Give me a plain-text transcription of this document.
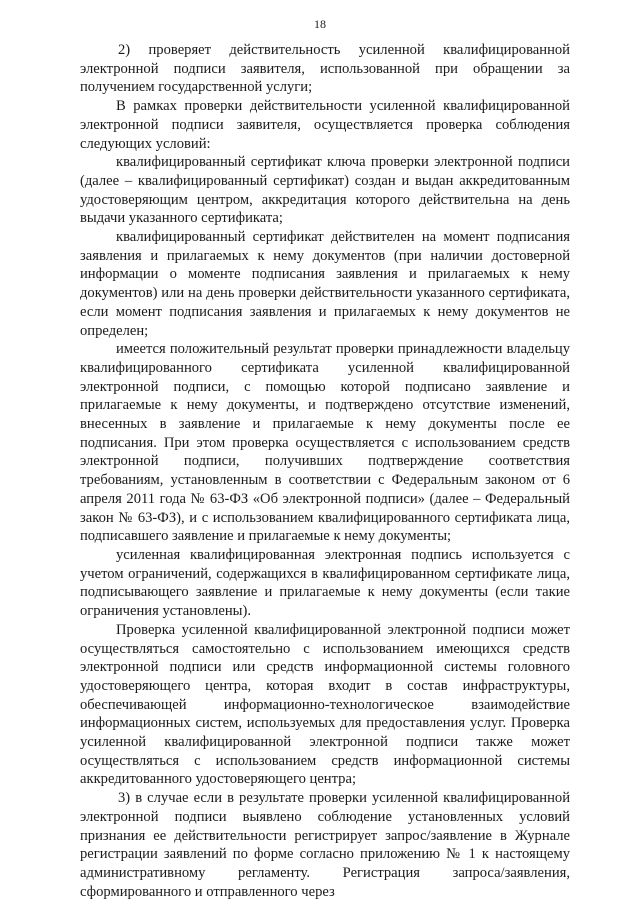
18

2) проверяет действительность усиленной квалифицированной электронной подписи заявителя, использованной при обращении за получением государственной услуги;

В рамках проверки действительности усиленной квалифицированной электронной подписи заявителя, осуществляется проверка соблюдения следующих условий:

квалифицированный сертификат ключа проверки электронной подписи (далее – квалифицированный сертификат) создан и выдан аккредитованным удостоверяющим центром, аккредитация которого действительна на день выдачи указанного сертификата;

квалифицированный сертификат действителен на момент подписания заявления и прилагаемых к нему документов (при наличии достоверной информации о моменте подписания заявления и прилагаемых к нему документов) или на день проверки действительности указанного сертификата, если момент подписания заявления и прилагаемых к нему документов не определен;

имеется положительный результат проверки принадлежности владельцу квалифицированного сертификата усиленной квалифицированной электронной подписи, с помощью которой подписано заявление и прилагаемые к нему документы, и подтверждено отсутствие изменений, внесенных в заявление и прилагаемые к нему документы после ее подписания. При этом проверка осуществляется с использованием средств электронной подписи, получивших подтверждение соответствия требованиям, установленным в соответствии с Федеральным законом от 6 апреля 2011 года № 63-ФЗ «Об электронной подписи» (далее – Федеральный закон № 63-ФЗ), и с использованием квалифицированного сертификата лица, подписавшего заявление и прилагаемые к нему документы;

усиленная квалифицированная электронная подпись используется с учетом ограничений, содержащихся в квалифицированном сертификате лица, подписывающего заявление и прилагаемые к нему документы (если такие ограничения установлены).

Проверка усиленной квалифицированной электронной подписи может осуществляться самостоятельно с использованием имеющихся средств электронной подписи или средств информационной системы головного удостоверяющего центра, которая входит в состав инфраструктуры, обеспечивающей информационно-технологическое взаимодействие информационных систем, используемых для предоставления услуг. Проверка усиленной квалифицированной электронной подписи также может осуществляться с использованием средств информационной системы аккредитованного удостоверяющего центра;

3) в случае если в результате проверки усиленной квалифицированной электронной подписи выявлено соблюдение установленных условий признания ее действительности регистрирует запрос/заявление в Журнале регистрации заявлений по форме согласно приложению № 1 к настоящему административному регламенту. Регистрация запроса/заявления, сформированного и отправленного через
